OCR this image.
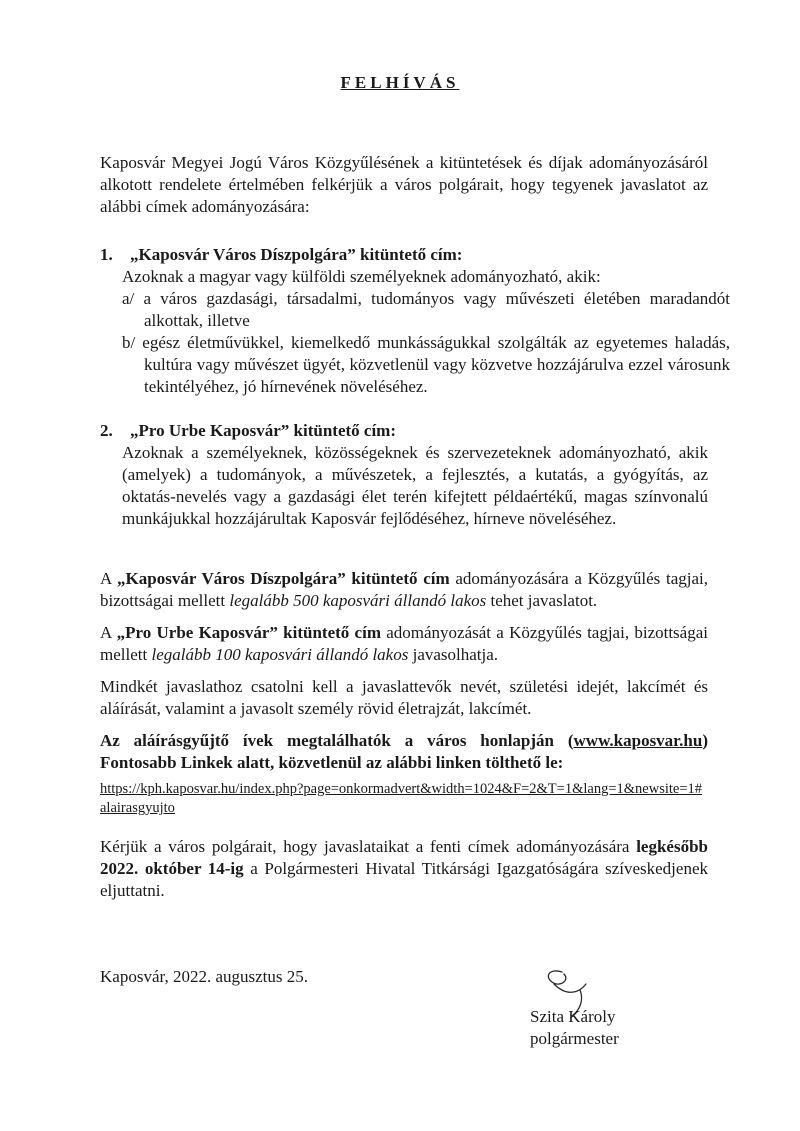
FELHÍVÁS
Kaposvár Megyei Jogú Város Közgyűlésének a kitüntetések és díjak adományozásáról alkotott rendelete értelmében felkérjük a város polgárait, hogy tegyenek javaslatot az alábbi címek adományozására:
1. „Kaposvár Város Díszpolgára” kitüntető cím:
Azoknak a magyar vagy külföldi személyeknek adományozható, akik:
a/ a város gazdasági, társadalmi, tudományos vagy művészeti életében maradandót alkottak, illetve
b/ egész életművükkel, kiemelkedő munkásságukkal szolgálták az egyetemes haladás, kultúra vagy művészet ügyét, közvetlenül vagy közvetve hozzájárulva ezzel városunk tekintélyéhez, jó hírnevének növeléséhez.
2. „Pro Urbe Kaposvár” kitüntető cím:
Azoknak a személyeknek, közösségeknek és szervezeteknek adományozható, akik (amelyek) a tudományok, a művészetek, a fejlesztés, a kutatás, a gyógyítás, az oktatás-nevelés vagy a gazdasági élet terén kifejtett példaértékű, magas színvonalú munkájukkal hozzájárultak Kaposvár fejlődéséhez, hírneve növeléséhez.
A „Kaposvár Város Díszpolgára” kitüntető cím adományozására a Közgyűlés tagjai, bizottságai mellett legalább 500 kaposvári állandó lakos tehet javaslatot.
A „Pro Urbe Kaposvár” kitüntető cím adományozását a Közgyűlés tagjai, bizottságai mellett legalább 100 kaposvári állandó lakos javasolhatja.
Mindkét javaslathoz csatolni kell a javaslattevők nevét, születési idejét, lakcímét és aláírását, valamint a javasolt személy rövid életrajzát, lakcímét.
Az aláírásgyűjtő ívek megtalálhatók a város honlapján (www.kaposvar.hu) Fontosabb Linkek alatt, közvetlenül az alábbi linken tölthető le:
https://kph.kaposvar.hu/index.php?page=onkormadvert&width=1024&F=2&T=1&lang=1&newsite=1#alairasgyujto
Kérjük a város polgárait, hogy javaslataikat a fenti címek adományozására legkésőbb 2022. október 14-ig a Polgármesteri Hivatal Titkársági Igazgatóságára szíveskedjenek eljuttatni.
Kaposvár, 2022. augusztus 25.
Szita Károly
polgármester
